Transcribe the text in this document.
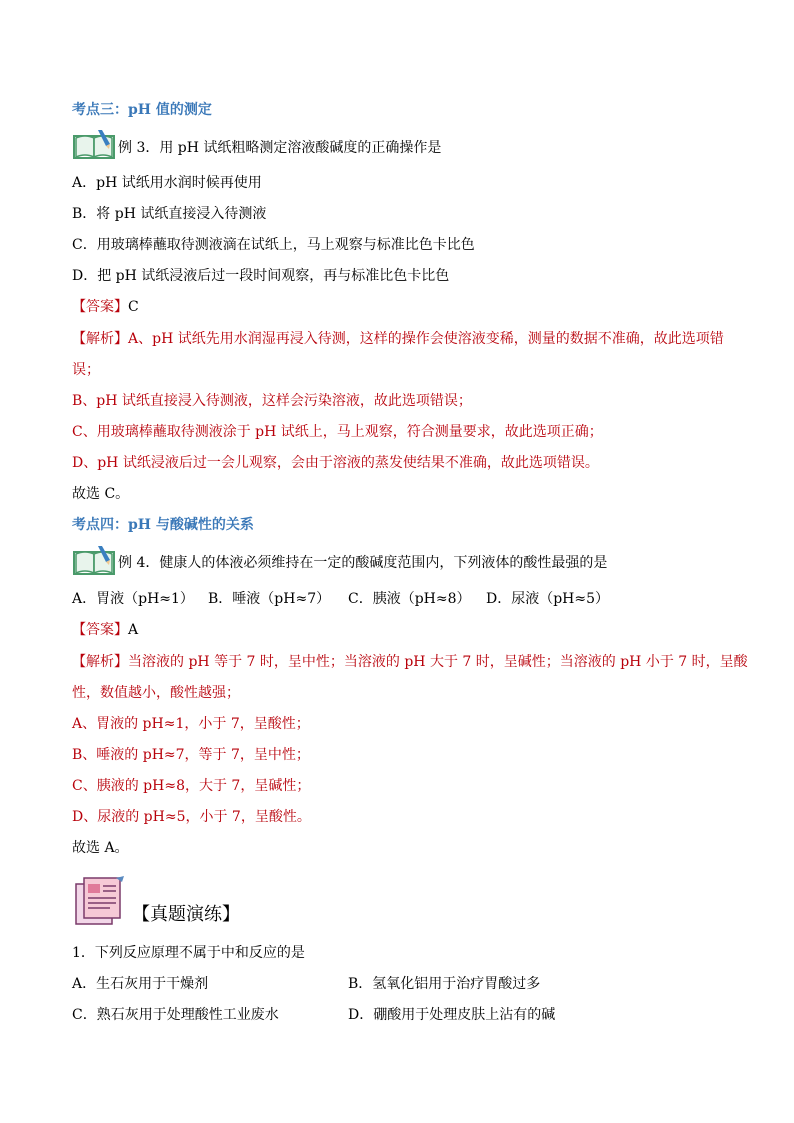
考点三：pH 值的测定
例 3．用 pH 试纸粗略测定溶液酸碱度的正确操作是
A．pH 试纸用水润时候再使用
B．将 pH 试纸直接浸入待测液
C．用玻璃棒蘸取待测液滴在试纸上，马上观察与标准比色卡比色
D．把 pH 试纸浸液后过一段时间观察，再与标准比色卡比色
【答案】C
【解析】A、pH 试纸先用水润湿再浸入待测，这样的操作会使溶液变稀，测量的数据不准确，故此选项错
误；
B、pH 试纸直接浸入待测液，这样会污染溶液，故此选项错误；
C、用玻璃棒蘸取待测液涂于 pH 试纸上，马上观察，符合测量要求，故此选项正确；
D、pH 试纸浸液后过一会儿观察，会由于溶液的蒸发使结果不准确，故此选项错误。
故选 C。
考点四：pH 与酸碱性的关系
例 4．健康人的体液必须维持在一定的酸碱度范围内，下列液体的酸性最强的是
A．胃液（pH≈1） B．唾液（pH≈7） C．胰液（pH≈8） D．尿液（pH≈5）
【答案】A
【解析】当溶液的 pH 等于 7 时，呈中性；当溶液的 pH 大于 7 时，呈碱性；当溶液的 pH 小于 7 时，呈酸
性，数值越小，酸性越强；
A、胃液的 pH≈1，小于 7，呈酸性；
B、唾液的 pH≈7，等于 7，呈中性；
C、胰液的 pH≈8，大于 7，呈碱性；
D、尿液的 pH≈5，小于 7，呈酸性。
故选 A。
【真题演练】
1．下列反应原理不属于中和反应的是
A．生石灰用于干燥剂	B．氢氧化铝用于治疗胃酸过多
C．熟石灰用于处理酸性工业废水	D．硼酸用于处理皮肤上沾有的碱
